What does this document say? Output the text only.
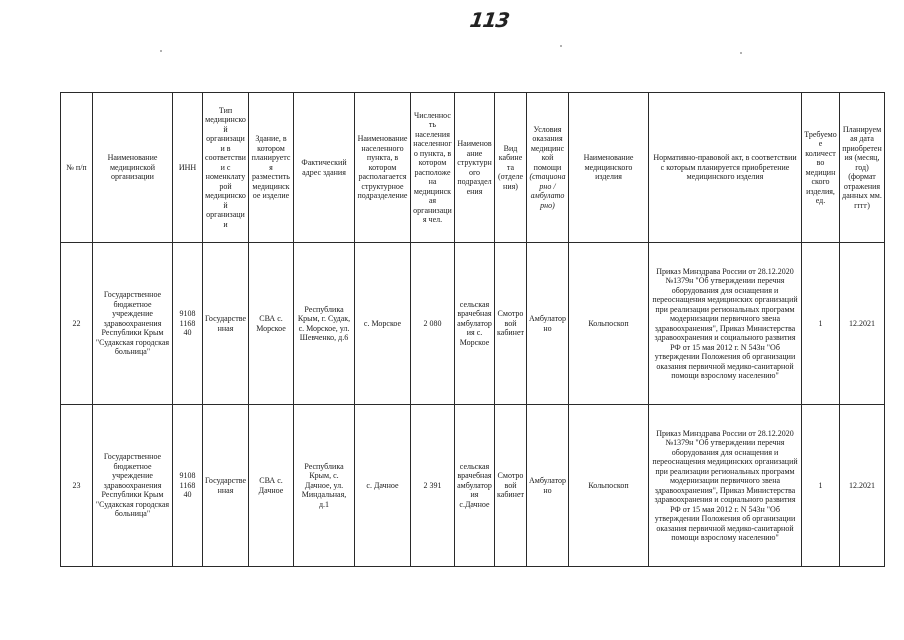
113
№ п/п	Наименование медицинской организации	ИНН	Тип медицинской организации в соответствии с номенклатурой медицинской организации	Здание, в котором планируется разместить медицинское изделие	Фактический адрес здания	Наименование населенного пункта, в котором располагается структурное подразделение	Численность населения населенного пункта, в котором расположена медицинская организация чел.	Наименование структурного подразделения	Вид кабинета (отделения)	Условия оказания медицинской помощи
(стационарно / амбулаторно)	Наименование медицинского изделия	Нормативно-правовой акт, в соответствии с которым планируется приобретение медицинского изделия	Требуемое количество медицинского изделия, ед.	Планируемая дата приобретения (месяц, год) (формат отражения данных мм. гггг)
22	Государственное бюджетное учреждение здравоохранения Республики Крым "Судакская городская больница"	9108 1168 40	Государственная	СВА с. Морское	Республика Крым, г. Судак, с. Морское, ул. Шевченко, д.6	с. Морское	2 080	сельская врачебная амбулатория с. Морское	Смотровой кабинет	Амбулаторно	Кольпоскоп	Приказ Минздрава России от 28.12.2020 №1379н "Об утверждении перечня оборудования для оснащения и переоснащения медицинских организаций при реализации региональных программ модернизации первичного звена здравоохранения", Приказ Министерства здравоохранения и социального развития РФ от 15 мая 2012 г. N 543н "Об утверждении Положения об организации оказания первичной медико-санитарной помощи взрослому населению"	1	12.2021
23	Государственное бюджетное учреждение здравоохранения Республики Крым "Судакская городская больница"	9108 1168 40	Государственная	СВА с. Дачное	Республика Крым, с. Дачное, ул. Миндальная, д.1	с. Дачное	2 391	сельская врачебная амбулатория с.Дачное	Смотровой кабинет	Амбулаторно	Кольпоскоп	Приказ Минздрава России от 28.12.2020 №1379н "Об утверждении перечня оборудования для оснащения и переоснащения медицинских организаций при реализации региональных программ модернизации первичного звена здравоохранения", Приказ Министерства здравоохранения и социального развития РФ от 15 мая 2012 г. N 543н "Об утверждении Положения об организации оказания первичной медико-санитарной помощи взрослому населению"	1	12.2021
